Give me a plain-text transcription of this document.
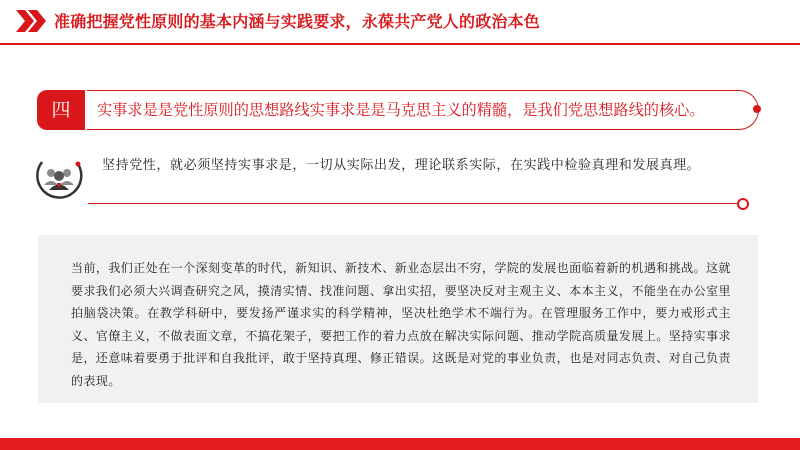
准确把握党性原则的基本内涵与实践要求，永葆共产党人的政治本色
四	实事求是是党性原则的思想路线实事求是是马克思主义的精髓，是我们党思想路线的核心。
坚持党性，就必须坚持实事求是，一切从实际出发，理论联系实际，在实践中检验真理和发展真理。
当前，我们正处在一个深刻变革的时代，新知识、新技术、新业态层出不穷，学院的发展也面临着新的机遇和挑战。这就要求我们必须大兴调查研究之风，摸清实情、找准问题、拿出实招，要坚决反对主观主义、本本主义，不能坐在办公室里拍脑袋决策。在教学科研中，要发扬严谨求实的科学精神，坚决杜绝学术不端行为。在管理服务工作中，要力戒形式主义、官僚主义，不做表面文章，不搞花架子，要把工作的着力点放在解决实际问题、推动学院高质量发展上。坚持实事求是，还意味着要勇于批评和自我批评，敢于坚持真理、修正错误。这既是对党的事业负责，也是对同志负责、对自己负责的表现。
